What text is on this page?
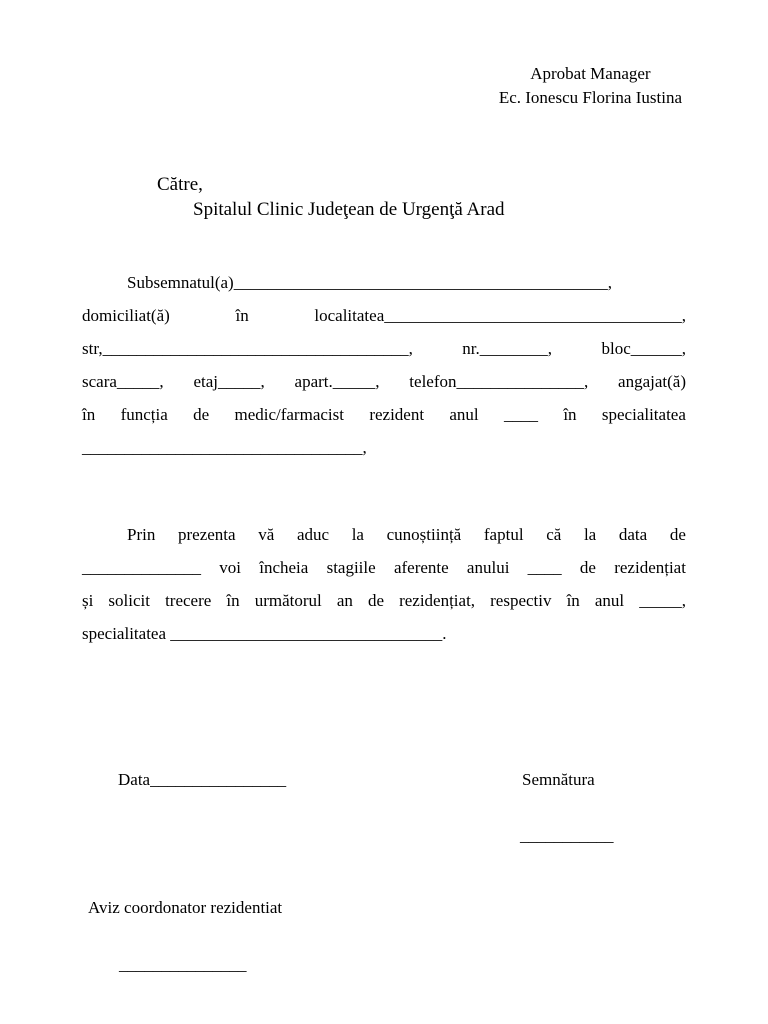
Aprobat Manager
Ec. Ionescu Florina Iustina
Către,
Spitalul Clinic Judeţean de Urgenţă Arad
Subsemnatul(a)____________________________________________,
domiciliat(ă)	în	localitatea___________________________________,
str,____________________________________,	nr.________,	bloc______,
scara_____, etaj_____, apart._____, telefon_______________, angajat(ă)
în funcția de medic/farmacist rezident anul ____ în specialitatea
_________________________________,
Prin prezenta vă aduc la cunoștiință faptul că la data de
______________ voi încheia stagiile aferente anului ____ de rezidențiat
și solicit trecere în următorul an de rezidențiat, respectiv în anul _____,
specialitatea ________________________________.
Data________________	Semnătura
___________
Aviz coordonator rezidentiat
_______________
